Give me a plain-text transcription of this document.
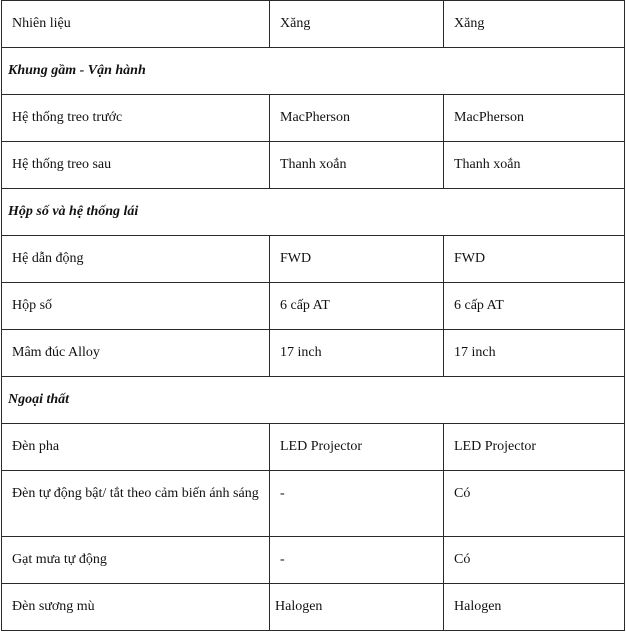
Nhiên liệu	Xăng	Xăng
Khung gầm - Vận hành		
Hệ thống treo trước	MacPherson	MacPherson
Hệ thống treo sau	Thanh xoắn	Thanh xoắn
Hộp số và hệ thống lái		
Hệ dẫn động	FWD	FWD
Hộp số	6 cấp AT	6 cấp AT
Mâm đúc Alloy	17 inch	17 inch
Ngoại thất		
Đèn pha	LED Projector	LED Projector
Đèn tự động bật/ tắt theo cảm biến ánh sáng	-	Có
Gạt mưa tự động	-	Có
Đèn sương mù	Halogen	Halogen
